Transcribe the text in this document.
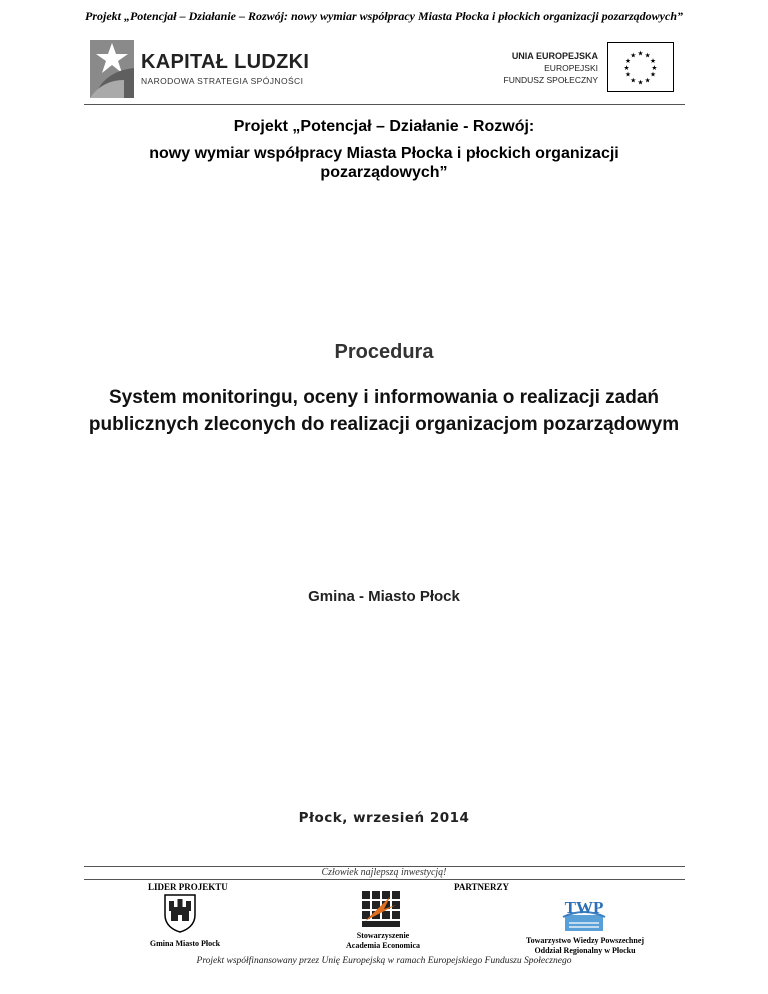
Projekt „Potencjał – Działanie – Rozwój: nowy wymiar współpracy Miasta Płocka i płockich organizacji pozarządowych”
KAPITAŁ LUDZKI
NARODOWA STRATEGIA SPÓJNOŚCI
UNIA EUROPEJSKA
EUROPEJSKI
FUNDUSZ SPOŁECZNY
★ ★
★
★
★
★
★
★
★
★
★
★
Projekt „Potencjał – Działanie - Rozwój:
nowy wymiar współpracy Miasta Płocka i płockich organizacji
pozarządowych”
Procedura
System monitoringu, oceny i informowania o realizacji zadań publicznych zleconych do realizacji organizacjom pozarządowym
Gmina - Miasto Płock
Płock, wrzesień 2014
Człowiek najlepszą inwestycją!
LIDER PROJEKTU	PARTNERZY
Gmina Miasto Płock
Stowarzyszenie
Academia Economica
TWP
Towarzystwo Wiedzy Powszechnej
Oddział Regionalny w Płocku
Projekt współfinansowany przez Unię Europejską w ramach Europejskiego Funduszu Społecznego
